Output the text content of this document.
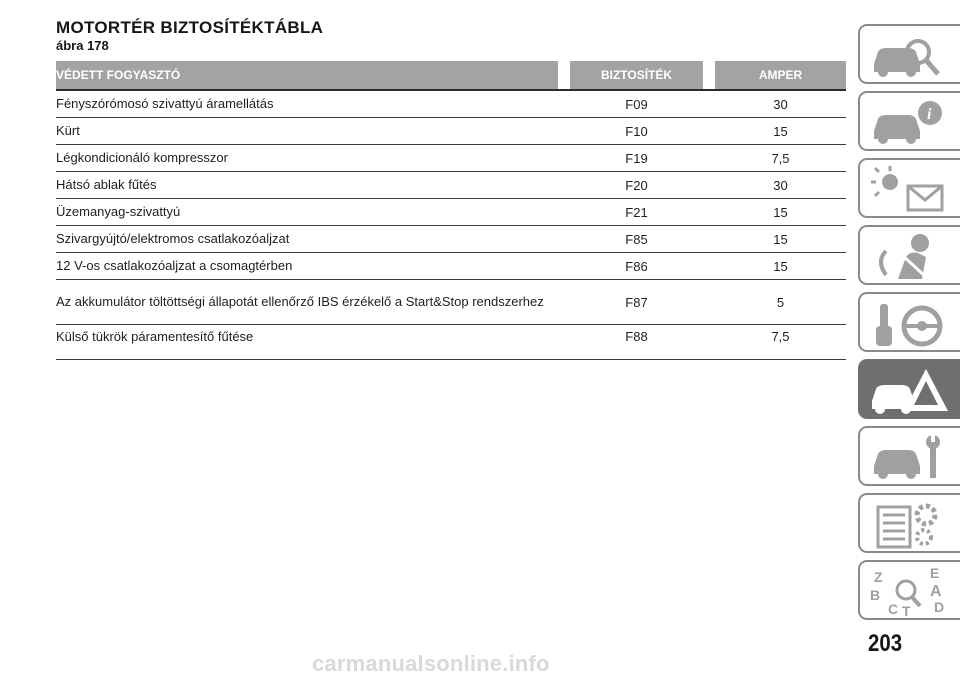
MOTORTÉR BIZTOSÍTÉKTÁBLA
ábra 178
VÉDETT FOGYASZTÓ	BIZTOSÍTÉK	AMPER
Fényszórómosó szivattyú áramellátás	F09	30
Kürt	F10	15
Légkondicionáló kompresszor	F19	7,5
Hátsó ablak fűtés	F20	30
Üzemanyag-szivattyú	F21	15
Szivargyújtó/elektromos csatlakozóaljzat	F85	15
12 V-os csatlakozóaljzat a csomagtérben	F86	15
Az akkumulátor töltöttségi állapotát ellenőrző IBS érzékelő a Start&Stop rendszerhez	F87	5
Külső tükrök páramentesítő fűtése	F88	7,5
i
Z	E
B	A
C T D
203
carmanualsonline.info
